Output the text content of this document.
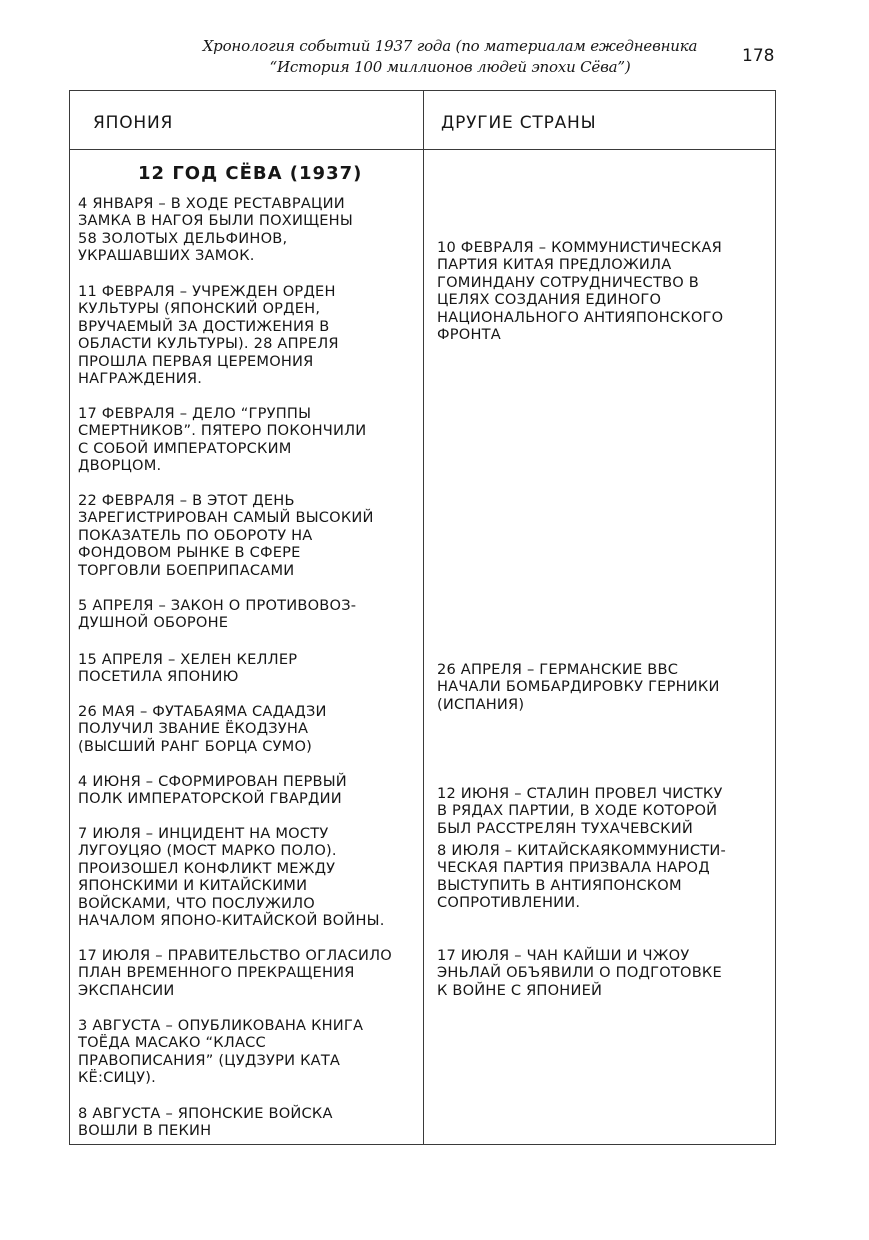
Хронология событий 1937 года (по материалам ежедневника
“История 100 миллионов людей эпохи Сёва”)
178
ЯПОНИЯ	ДРУГИЕ СТРАНЫ
12 ГОД СЁВА (1937)
4 ЯНВАРЯ – В ХОДЕ РЕСТАВРАЦИИ
ЗАМКА В НАГОЯ БЫЛИ ПОХИЩЕНЫ
58 ЗОЛОТЫХ ДЕЛЬФИНОВ,
УКРАШАВШИХ ЗАМОК.
11 ФЕВРАЛЯ – УЧРЕЖДЕН ОРДЕН
КУЛЬТУРЫ (ЯПОНСКИЙ ОРДЕН,
ВРУЧАЕМЫЙ ЗА ДОСТИЖЕНИЯ В
ОБЛАСТИ КУЛЬТУРЫ). 28 АПРЕЛЯ
ПРОШЛА ПЕРВАЯ ЦЕРЕМОНИЯ
НАГРАЖДЕНИЯ.
17 ФЕВРАЛЯ – ДЕЛО “ГРУППЫ
СМЕРТНИКОВ”. ПЯТЕРО ПОКОНЧИЛИ
С СОБОЙ ИМПЕРАТОРСКИМ
ДВОРЦОМ.
22 ФЕВРАЛЯ – В ЭТОТ ДЕНЬ
ЗАРЕГИСТРИРОВАН САМЫЙ ВЫСОКИЙ
ПОКАЗАТЕЛЬ ПО ОБОРОТУ НА
ФОНДОВОМ РЫНКЕ В СФЕРЕ
ТОРГОВЛИ БОЕПРИПАСАМИ
5 АПРЕЛЯ – ЗАКОН О ПРОТИВОВОЗ-
ДУШНОЙ ОБОРОНЕ
15 АПРЕЛЯ – ХЕЛЕН КЕЛЛЕР
ПОСЕТИЛА ЯПОНИЮ
26 МАЯ – ФУТАБАЯМА САДАДЗИ
ПОЛУЧИЛ ЗВАНИЕ ЁКОДЗУНА
(ВЫСШИЙ РАНГ БОРЦА СУМО)
4 ИЮНЯ – СФОРМИРОВАН ПЕРВЫЙ
ПОЛК ИМПЕРАТОРСКОЙ ГВАРДИИ
7 ИЮЛЯ – ИНЦИДЕНТ НА МОСТУ
ЛУГОУЦЯО (МОСТ МАРКО ПОЛО).
ПРОИЗОШЕЛ КОНФЛИКТ МЕЖДУ
ЯПОНСКИМИ И КИТАЙСКИМИ
ВОЙСКАМИ, ЧТО ПОСЛУЖИЛО
НАЧАЛОМ ЯПОНО-КИТАЙСКОЙ ВОЙНЫ.
17 ИЮЛЯ – ПРАВИТЕЛЬСТВО ОГЛАСИЛО
ПЛАН ВРЕМЕННОГО ПРЕКРАЩЕНИЯ
ЭКСПАНСИИ
3 АВГУСТА – ОПУБЛИКОВАНА КНИГА
ТОЁДА МАСАКО “КЛАСС
ПРАВОПИСАНИЯ” (ЦУДЗУРИ КАТА
КЁ:СИЦУ).
8 АВГУСТА – ЯПОНСКИЕ ВОЙСКА
ВОШЛИ В ПЕКИН
10 ФЕВРАЛЯ – КОММУНИСТИЧЕСКАЯ
ПАРТИЯ КИТАЯ ПРЕДЛОЖИЛА
ГОМИНДАНУ СОТРУДНИЧЕСТВО В
ЦЕЛЯХ СОЗДАНИЯ ЕДИНОГО
НАЦИОНАЛЬНОГО АНТИЯПОНСКОГО
ФРОНТА
26 АПРЕЛЯ – ГЕРМАНСКИЕ ВВС
НАЧАЛИ БОМБАРДИРОВКУ ГЕРНИКИ
(ИСПАНИЯ)
12 ИЮНЯ – СТАЛИН ПРОВЕЛ ЧИСТКУ
В РЯДАХ ПАРТИИ, В ХОДЕ КОТОРОЙ
БЫЛ РАССТРЕЛЯН ТУХАЧЕВСКИЙ
8 ИЮЛЯ – КИТАЙСКАЯКОММУНИСТИ-
ЧЕСКАЯ ПАРТИЯ ПРИЗВАЛА НАРОД
ВЫСТУПИТЬ В АНТИЯПОНСКОМ
СОПРОТИВЛЕНИИ.
17 ИЮЛЯ – ЧАН КАЙШИ И ЧЖОУ
ЭНЬЛАЙ ОБЪЯВИЛИ О ПОДГОТОВКЕ
К ВОЙНЕ С ЯПОНИЕЙ
